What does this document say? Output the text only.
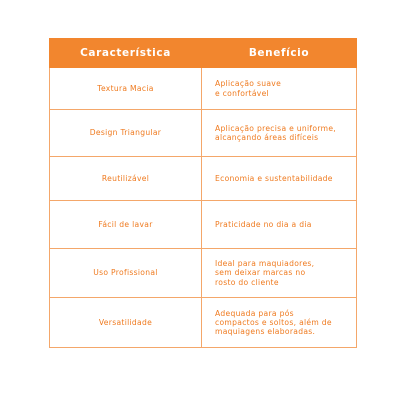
Característica	Benefício
Textura Macia	Aplicação suave
e confortável

Design Triangular	Aplicação precisa e uniforme,
alcançando áreas difíceis

Reutilizável	Economia e sustentabilidade

Fácil de lavar	Praticidade no dia a dia

Uso Profissional	Ideal para maquiadores,
sem deixar marcas no
rosto do cliente

Versatilidade	Adequada para pós
compactos e soltos, além de
maquiagens elaboradas.
